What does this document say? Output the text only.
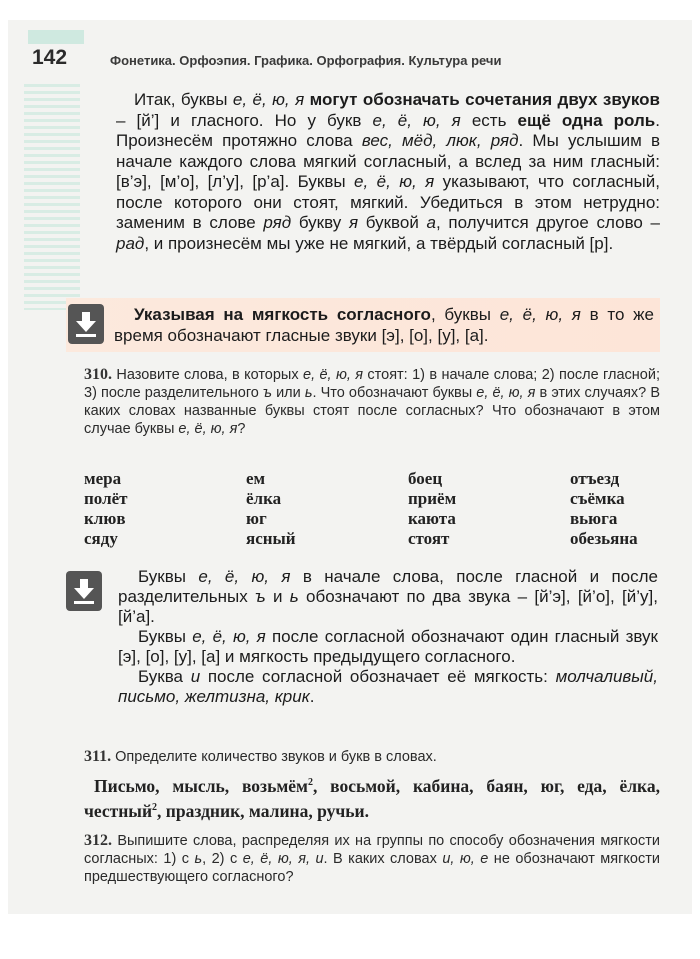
142	Фонетика. Орфоэпия. Графика. Орфография. Культура речи
Итак, буквы е, ё, ю, я могут обозначать сочетания двух звуков – [й’] и гласного. Но у букв е, ё, ю, я есть ещё одна роль. Произнесём протяжно слова вес, мёд, люк, ряд. Мы услышим в начале каждого слова мягкий согласный, а вслед за ним гласный: [в’э], [м’о], [л’у], [р’а]. Буквы е, ё, ю, я указывают, что согласный, после которого они стоят, мягкий. Убедиться в этом нетрудно: заменим в слове ряд букву я буквой а, получится другое слово – рад, и произнесём мы уже не мягкий, а твёрдый согласный [р].
Указывая на мягкость согласного, буквы е, ё, ю, я в то же время обозначают гласные звуки [э], [о], [у], [а].
310. Назовите слова, в которых е, ё, ю, я стоят: 1) в начале слова; 2) после гласной; 3) после разделительного ъ или ь. Что обозначают буквы е, ё, ю, я в этих случаях? В каких словах названные буквы стоят после согласных? Что обозначают в этом случае буквы е, ё, ю, я?
мера	ем	боец	отъезд
полёт	ёлка	приём	съёмка
клюв	юг	каюта	вьюга
сяду	ясный	стоят	обезьяна

Буквы е, ё, ю, я в начале слова, после гласной и после разделительных ъ и ь обозначают по два звука – [й’э], [й’о], [й’у], [й’а].

Буквы е, ё, ю, я после согласной обозначают один гласный звук [э], [о], [у], [а] и мягкость предыдущего согласного.

Буква и после согласной обозначает её мягкость: молчаливый, письмо, желтизна, крик.

311. Определите количество звуков и букв в словах.
Письмо, мысль, возьмём$^2$, восьмой, кабина, баян, юг, еда, ёлка, честный$^2$, праздник, малина, ручьи.
312. Выпишите слова, распределяя их на группы по способу обозначения мягкости согласных: 1) с ь, 2) с е, ё, ю, я, и. В каких словах и, ю, е не обозначают мягкости предшествующего согласного?
